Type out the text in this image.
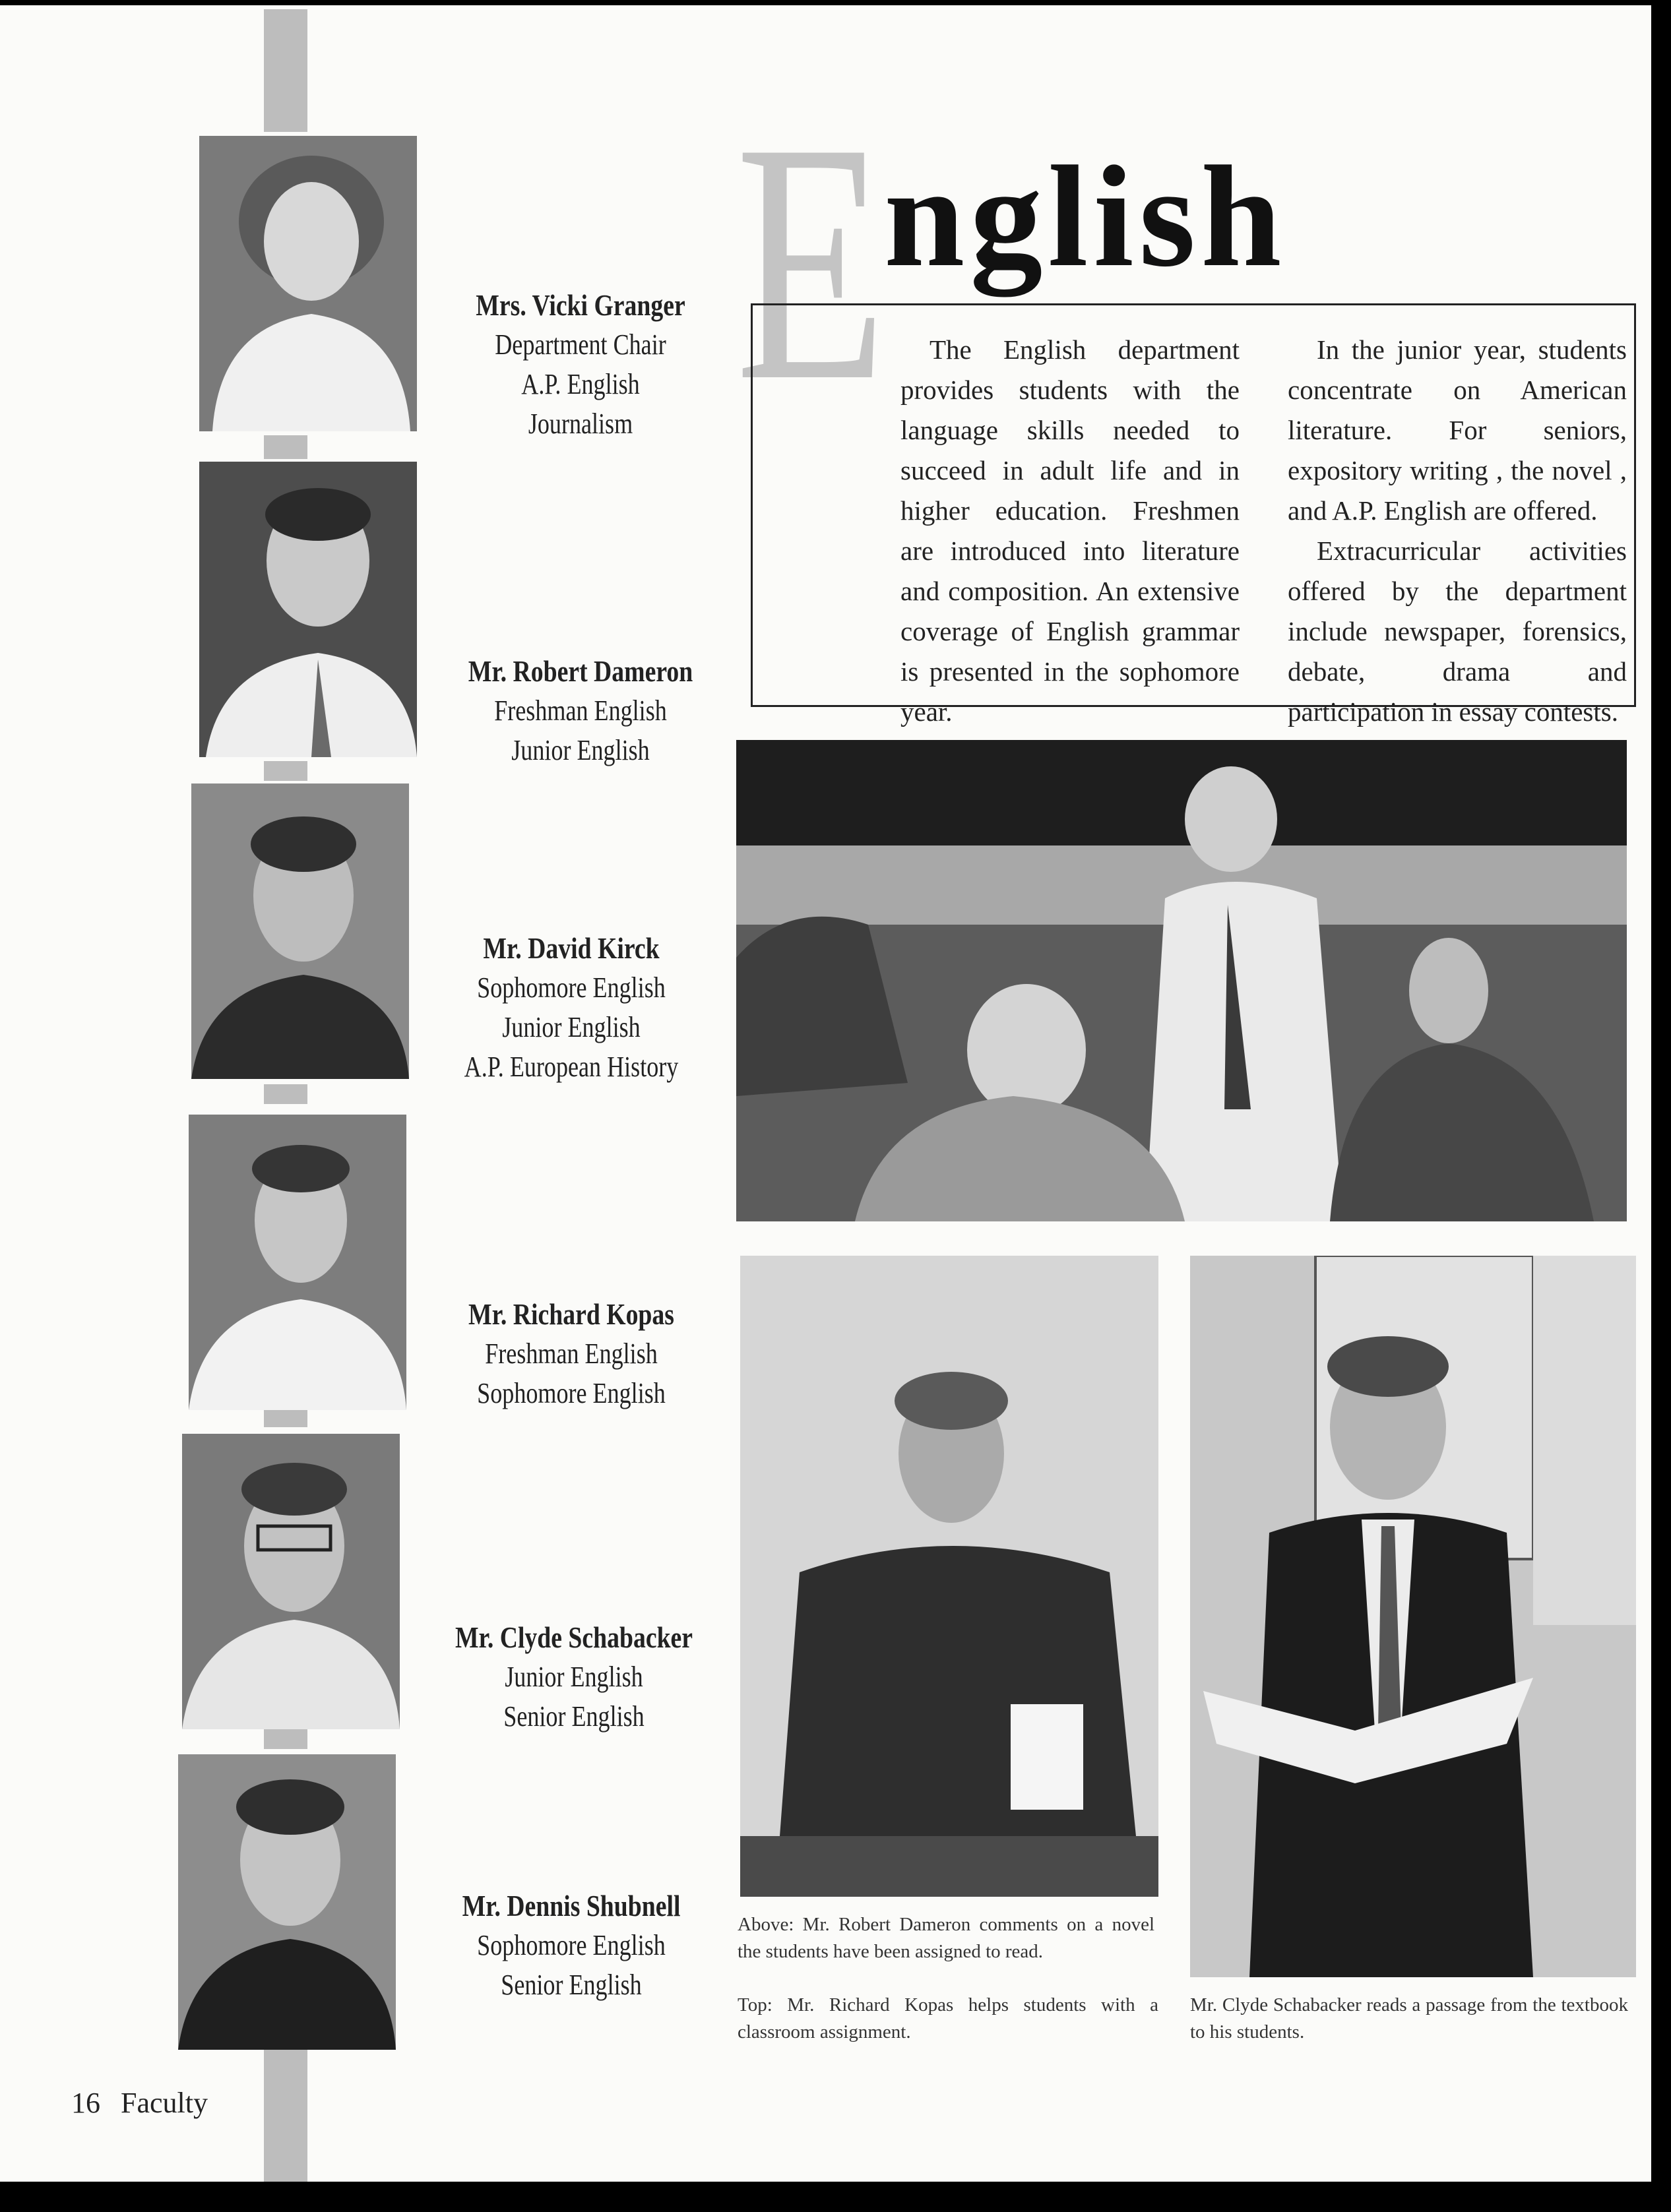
Mrs. Vicki Granger
Department Chair
A.P. English
Journalism
Mr. Robert Dameron
Freshman English
Junior English
Mr. David Kirck
Sophomore English
Junior English
A.P. European History
Mr. Richard Kopas
Freshman English
Sophomore English
Mr. Clyde Schabacker
Junior English
Senior English
Mr. Dennis Shubnell
Sophomore English
Senior English
E
nglish

The English department provides students with the language skills needed to succeed in adult life and in higher education. Freshmen are introduced into literature and composition. An extensive coverage of English grammar is presented in the sophomore year.

In the junior year, students concentrate on American literature. For seniors, expository writing , the novel , and A.P. English are offered.

Extracurricular activities offered by the department include newspaper, forensics, debate, drama and participation in essay contests.

Above: Mr. Robert Dameron comments on a novel the students have been assigned to read.
Top: Mr. Richard Kopas helps students with a classroom assignment.
Mr. Clyde Schabacker reads a passage from the textbook to his students.
16 Faculty
